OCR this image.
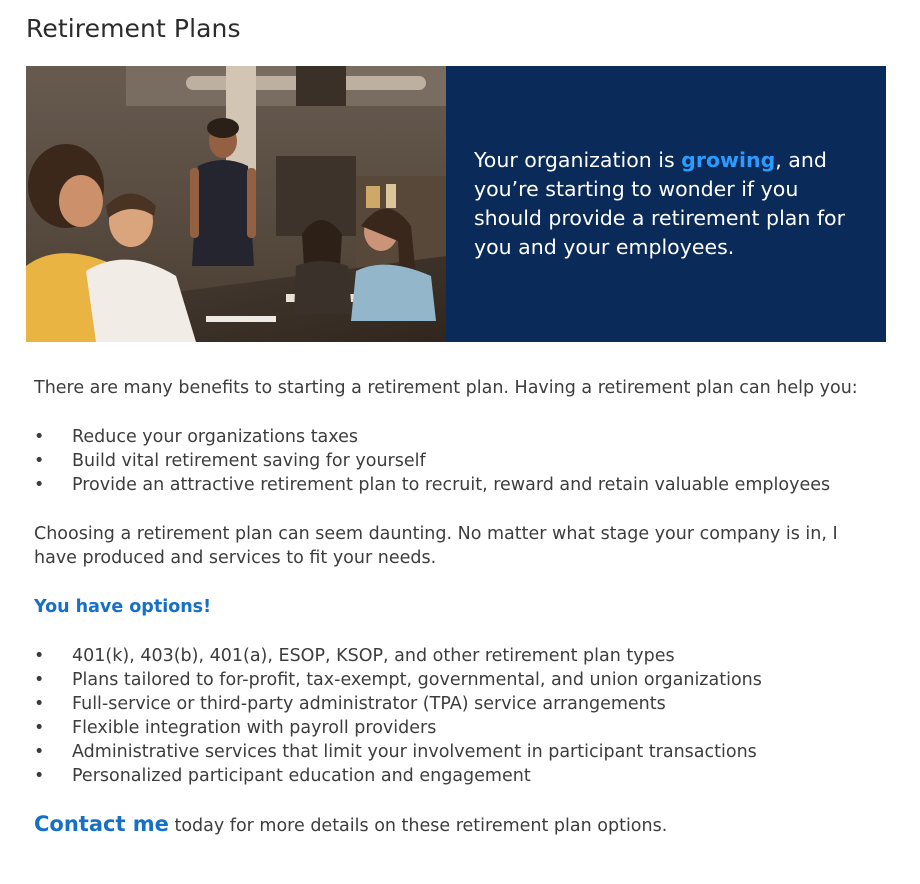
Retirement Plans

Your organization is growing, and you’re starting to wonder if you should provide a retirement plan for you and your employees.

There are many benefits to starting a retirement plan. Having a retirement plan can help you:

• Reduce your organizations taxes
• Build vital retirement saving for yourself
• Provide an attractive retirement plan to recruit, reward and retain valuable employees

Choosing a retirement plan can seem daunting. No matter what stage your company is in, I have produced and services to fit your needs.

You have options!

• 401(k), 403(b), 401(a), ESOP, KSOP, and other retirement plan types
• Plans tailored to for-profit, tax-exempt, governmental, and union organizations
• Full-service or third-party administrator (TPA) service arrangements
• Flexible integration with payroll providers
• Administrative services that limit your involvement in participant transactions
• Personalized participant education and engagement

Contact me today for more details on these retirement plan options.
